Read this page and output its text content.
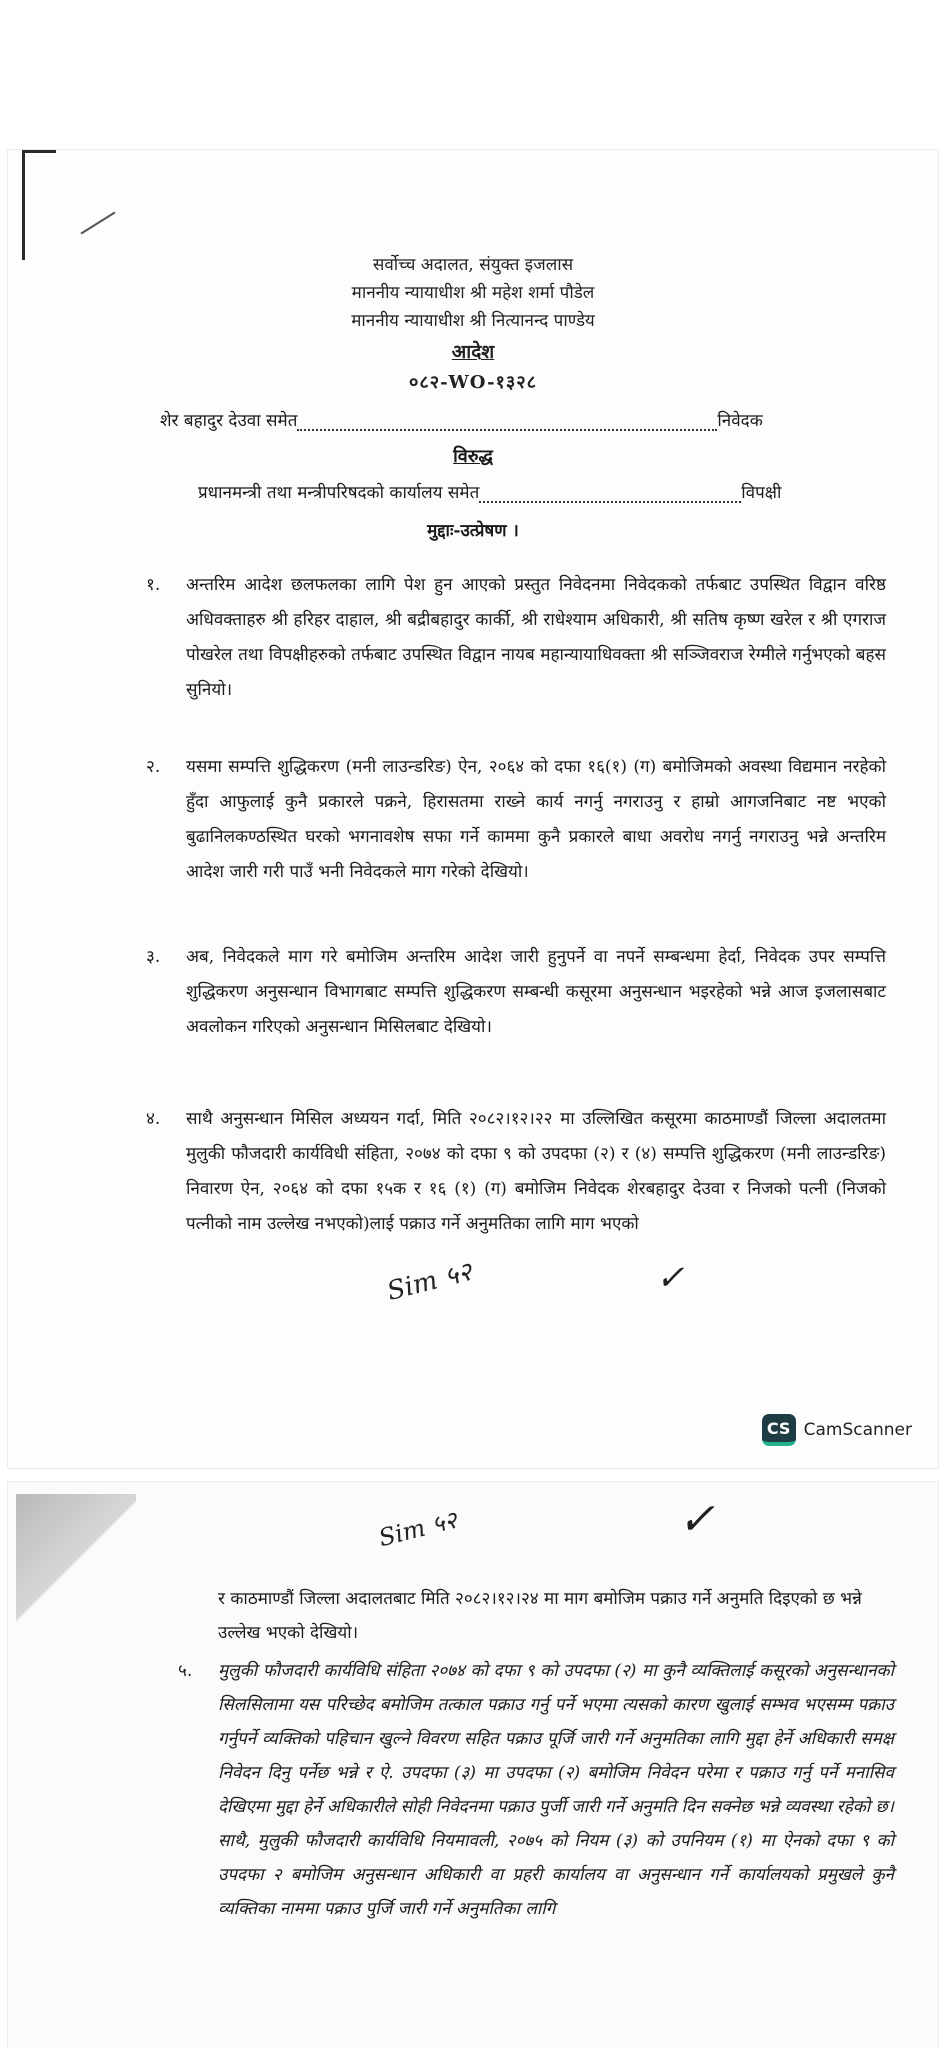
सर्वोच्च अदालत, संयुक्त इजलास
माननीय न्यायाधीश श्री महेश शर्मा पौडेल
माननीय न्यायाधीश श्री नित्यानन्द पाण्डेय
आदेश
०८२-WO-१३२८
शेर बहादुर देउवा समेत	निवेदक
विरुद्ध
प्रधानमन्त्री तथा मन्त्रीपरिषदको कार्यालय समेत	विपक्षी
मुद्दाः-उत्प्रेषण ।
१. अन्तरिम आदेश छलफलका लागि पेश हुन आएको प्रस्तुत निवेदनमा निवेदकको तर्फबाट उपस्थित विद्वान वरिष्ठ अधिवक्ताहरु श्री हरिहर दाहाल, श्री बद्रीबहादुर कार्की, श्री राधेश्याम अधिकारी, श्री सतिष कृष्ण खरेल र श्री एगराज पोखरेल तथा विपक्षीहरुको तर्फबाट उपस्थित विद्वान नायब महान्यायाधिवक्ता श्री सञ्जिवराज रेग्मीले गर्नुभएको बहस सुनियो।
२. यसमा सम्पत्ति शुद्धिकरण (मनी लाउन्डरिङ) ऐन, २०६४ को दफा १६(१) (ग) बमोजिमको अवस्था विद्यमान नरहेको हुँदा आफुलाई कुनै प्रकारले पक्रने, हिरासतमा राख्ने कार्य नगर्नु नगराउनु र हाम्रो आगजनिबाट नष्ट भएको बुढानिलकण्ठस्थित घरको भगनावशेष सफा गर्ने काममा कुनै प्रकारले बाधा अवरोध नगर्नु नगराउनु भन्ने अन्तरिम आदेश जारी गरी पाउँ भनी निवेदकले माग गरेको देखियो।
३. अब, निवेदकले माग गरे बमोजिम अन्तरिम आदेश जारी हुनुपर्ने वा नपर्ने सम्बन्धमा हेर्दा, निवेदक उपर सम्पत्ति शुद्धिकरण अनुसन्धान विभागबाट सम्पत्ति शुद्धिकरण सम्बन्धी कसूरमा अनुसन्धान भइरहेको भन्ने आज इजलासबाट अवलोकन गरिएको अनुसन्धान मिसिलबाट देखियो।
४. साथै अनुसन्धान मिसिल अध्ययन गर्दा, मिति २०८२।१२।२२ मा उल्लिखित कसूरमा काठमाण्डौं जिल्ला अदालतमा मुलुकी फौजदारी कार्यविधी संहिता, २०७४ को दफा ९ को उपदफा (२) र (४) सम्पत्ति शुद्धिकरण (मनी लाउन्डरिङ) निवारण ऐन, २०६४ को दफा १५क र १६ (१) (ग) बमोजिम निवेदक शेरबहादुर देउवा र निजको पत्नी (निजको पत्नीको नाम उल्लेख नभएको)लाई पक्राउ गर्ने अनुमतिका लागि माग भएको
Sim ५२	✓
CS CamScanner
Sim ५२	✓
र काठमाण्डौं जिल्ला अदालतबाट मिति २०८२।१२।२४ मा माग बमोजिम पक्राउ गर्ने अनुमति दिइएको छ भन्ने उल्लेख भएको देखियो।
५. मुलुकी फौजदारी कार्यविधि संहिता २०७४ को दफा ९ को उपदफा (२) मा कुनै व्यक्तिलाई कसूरको अनुसन्धानको सिलसिलामा यस परिच्छेद बमोजिम तत्काल पक्राउ गर्नु पर्ने भएमा त्यसको कारण खुलाई सम्भव भएसम्म पक्राउ गर्नुपर्ने व्यक्तिको पहिचान खुल्ने विवरण सहित पक्राउ पूर्जि जारी गर्ने अनुमतिका लागि मुद्दा हेर्ने अधिकारी समक्ष निवेदन दिनु पर्नेछ भन्ने र ऐ. उपदफा (३) मा उपदफा (२) बमोजिम निवेदन परेमा र पक्राउ गर्नु पर्ने मनासिव देखिएमा मुद्दा हेर्ने अधिकारीले सोही निवेदनमा पक्राउ पुर्जी जारी गर्ने अनुमति दिन सक्नेछ भन्ने व्यवस्था रहेको छ। साथै, मुलुकी फौजदारी कार्यविधि नियमावली, २०७५ को नियम (३) को उपनियम (१) मा ऐनको दफा ९ को उपदफा २ बमोजिम अनुसन्धान अधिकारी वा प्रहरी कार्यालय वा अनुसन्धान गर्ने कार्यालयको प्रमुखले कुनै व्यक्तिका नाममा पक्राउ पुर्जि जारी गर्ने अनुमतिका लागि
